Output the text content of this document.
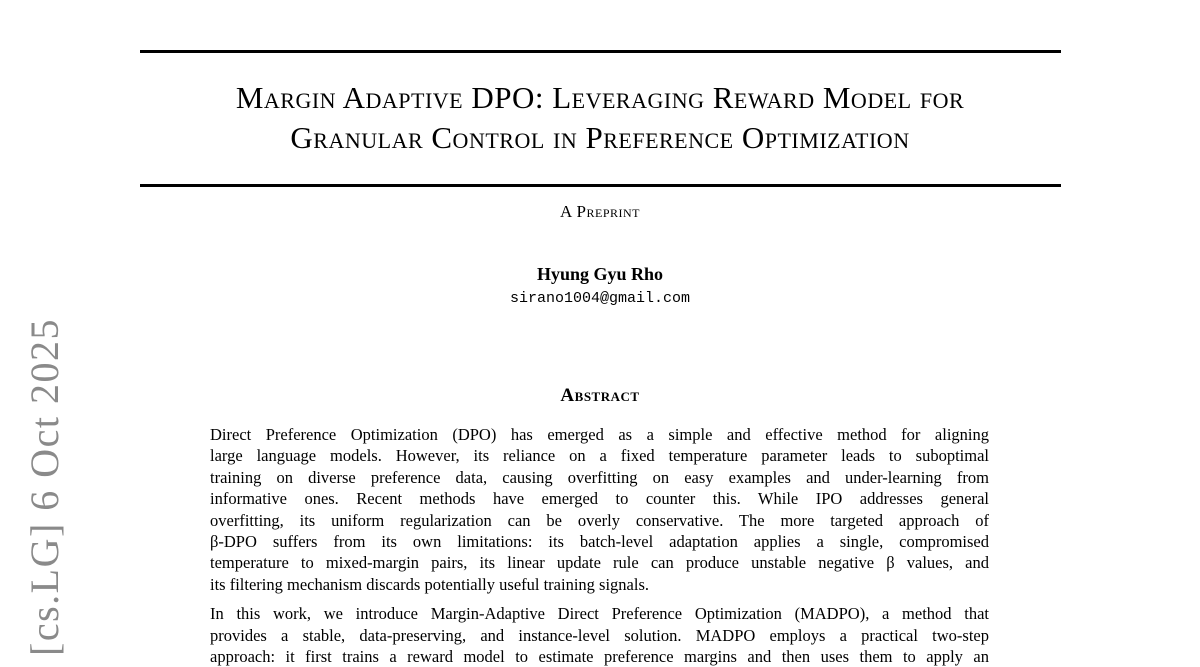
[cs.LG] 6 Oct 2025
Margin Adaptive DPO: Leveraging Reward Model for
Granular Control in Preference Optimization
A Preprint
Hyung Gyu Rho
sirano1004@gmail.com
Abstract
Direct Preference Optimization (DPO) has emerged as a simple and effective method for aligning
large language models. However, its reliance on a fixed temperature parameter leads to suboptimal
training on diverse preference data, causing overfitting on easy examples and under-learning from
informative ones. Recent methods have emerged to counter this. While IPO addresses general
overfitting, its uniform regularization can be overly conservative. The more targeted approach of
β-DPO suffers from its own limitations: its batch-level adaptation applies a single, compromised
temperature to mixed-margin pairs, its linear update rule can produce unstable negative β values, and
its filtering mechanism discards potentially useful training signals.
In this work, we introduce Margin-Adaptive Direct Preference Optimization (MADPO), a method that
provides a stable, data-preserving, and instance-level solution. MADPO employs a practical two-step
approach: it first trains a reward model to estimate preference margins and then uses them to apply an
